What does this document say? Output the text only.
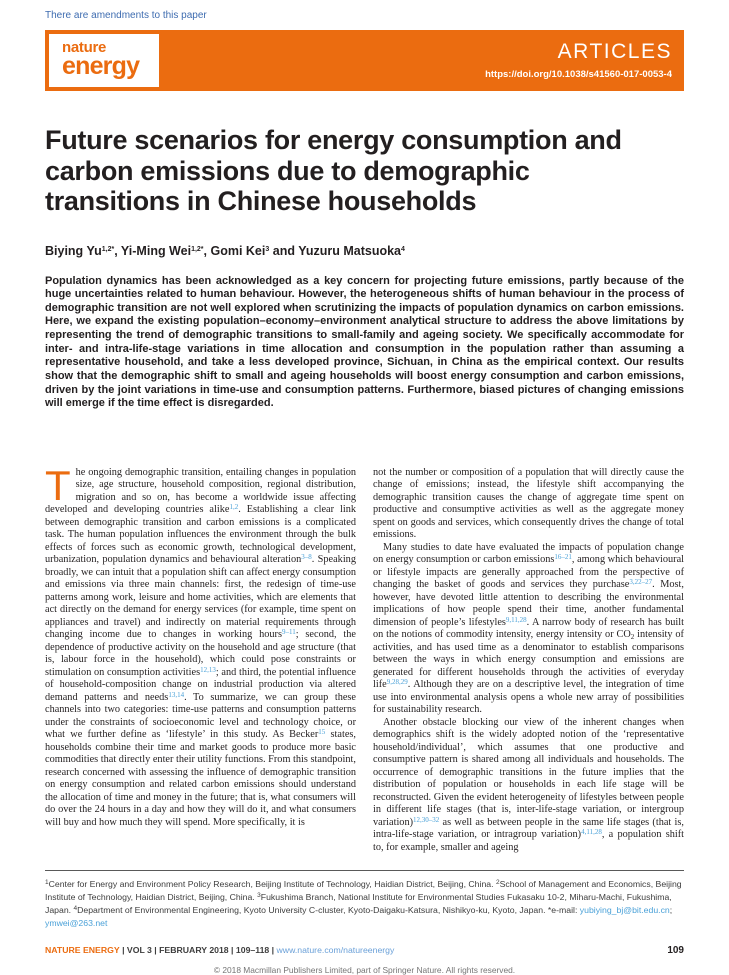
There are amendments to this paper
nature
energy
ARTICLES
https://doi.org/10.1038/s41560-017-0053-4
Future scenarios for energy consumption and carbon emissions due to demographic transitions in Chinese households
Biying $Yu^{1,2*}$, Yi-Ming Wei$^{1,2*}$, Gomi Kei$^3$ and Yuzuru Matsuoka$^4$

Population dynamics has been acknowledged as a key concern for projecting future emissions, partly because of the huge uncertainties related to human behaviour. However, the heterogeneous shifts of human behaviour in the process of demographic transition are not well explored when scrutinizing the impacts of population dynamics on carbon emissions. Here, we expand the existing population–economy–environment analytical structure to address the above limitations by representing the trend of demographic transitions to small-family and ageing society. We specifically accommodate for inter- and intra-life-stage variations in time allocation and consumption in the population rather than assuming a representative household, and take a less developed province, Sichuan, in China as the empirical context. Our results show that the demographic shift to small and ageing households will boost energy consumption and carbon emissions, driven by the joint variations in time-use and consumption patterns. Furthermore, biased pictures of changing emissions will emerge if the time effect is disregarded.

The ongoing demographic transition, entailing changes in population size, age structure, household composition, regional distribution, migration and so on, has become a worldwide issue affecting developed and developing countries alike$^{1,2}$. Establishing a clear link between demographic transition and carbon emissions is a complicated task. The human population influences the environment through the bulk effects of forces such as economic growth, technological development, urbanization, population dynamics and behavioural alteration$^{3-8}$. Speaking broadly, we can intuit that a population shift can affect energy consumption and emissions via three main channels: first, the redesign of time-use patterns among work, leisure and home activities, which are elements that act directly on the demand for energy services (for example, time spent on appliances and travel) and indirectly on material requirements through changing income due to changes in working hours$^{9-11}$; second, the dependence of productive activity on the household and age structure (that is, labour force in the household), which could pose constraints or stimulation on consumption activities$^{12,13}$; and third, the potential influence of household-composition change on industrial production via altered demand patterns and needs$^{13,14}$. To summarize, we can group these channels into two categories: time-use patterns and consumption patterns under the constraints of socioeconomic level and technology choice, or what we further define as ‘lifestyle’ in this study. As Becker$^{15}$ states, households combine their time and market goods to produce more basic commodities that directly enter their utility functions. From this standpoint, research concerned with assessing the influence of demographic transition on energy consumption and related carbon emissions should understand the allocation of time and money in the future; that is, what consumers will do over the 24 hours in a day and how they will do it, and what consumers will buy and how much they will spend. More specifically, it is

not the number or composition of a population that will directly cause the change of emissions; instead, the lifestyle shift accompanying the demographic transition causes the change of aggregate time spent on productive and consumptive activities as well as the aggregate money spent on goods and services, which consequently drives the change of total emissions.

Many studies to date have evaluated the impacts of population change on energy consumption or carbon emissions$^{16-21}$, among which behavioural or lifestyle impacts are generally approached from the perspective of changing the basket of goods and services they purchase$^{3,22-27}$. Most, however, have devoted little attention to describing the environmental implications of how people spend their time, another fundamental dimension of people’s lifestyles$^{9,11,28}$. A narrow body of research has built on the notions of commodity intensity, energy intensity or $CO_2$ intensity of activities, and has used time as a denominator to establish comparisons between the ways in which energy consumption and emissions are generated for different households through the activities of everyday life$^{9,28,29}$. Although they are on a descriptive level, the integration of time use into environmental analysis opens a whole new array of possibilities for sustainability research.

Another obstacle blocking our view of the inherent changes when demographics shift is the widely adopted notion of the ‘representative household/individual’, which assumes that one productive and consumptive pattern is shared among all individuals and households. The occurrence of demographic transitions in the future implies that the distribution of population or households in each life stage will be reconstructed. Given the evident heterogeneity of lifestyles between people in different life stages (that is, inter-life-stage variation, or intergroup variation)$^{12,30-32}$ as well as between people in the same life stages (that is, intra-life-stage variation, or intragroup variation)$^{4,11,28}$, a population shift to, for example, smaller and ageing

$^1$Center for Energy and Environment Policy Research, Beijing Institute of Technology, Haidian District, Beijing, China. $^2$School of Management and Economics, Beijing Institute of Technology, Haidian District, Beijing, China. $^3$Fukushima Branch, National Institute for Environmental Studies Fukasaku 10-2, Miharu-Machi, Fukushima, Japan. $^4$Department of Environmental Engineering, Kyoto University C-cluster, Kyoto-Daigaku-Katsura, Nishikyo-ku, Kyoto, Japan. *e-mail: yubiying_bj@bit.edu.cn; ymwei@263.net
NATURE ENERGY | VOL 3 | FEBRUARY 2018 | 109–118 | www.nature.com/natureenergy	109
© 2018 Macmillan Publishers Limited, part of Springer Nature. All rights reserved.
